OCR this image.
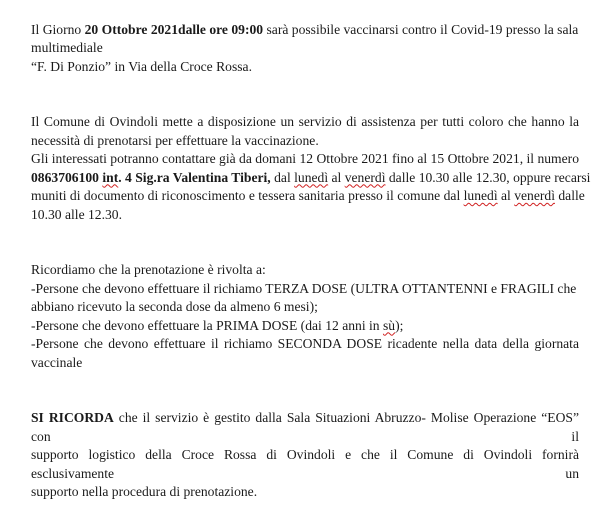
Il Giorno 20 Ottobre 2021dalle ore 09:00 sarà possibile vaccinarsi contro il Covid-19 presso la sala
multimediale
“F. Di Ponzio” in Via della Croce Rossa.

Il Comune di Ovindoli mette a disposizione un servizio di assistenza per tutti coloro che hanno la
necessità di prenotarsi per effettuare la vaccinazione.
Gli interessati potranno contattare già da domani 12 Ottobre 2021 fino al 15 Ottobre 2021, il numero
0863706100 int. 4 Sig.ra Valentina Tiberi, dal lunedì al venerdì dalle 10.30 alle 12.30, oppure recarsi
muniti di documento di riconoscimento e tessera sanitaria presso il comune dal lunedì al venerdì dalle
10.30 alle 12.30.

Ricordiamo che la prenotazione è rivolta a:
-Persone che devono effettuare il richiamo TERZA DOSE (ULTRA OTTANTENNI e FRAGILI che
abbiano ricevuto la seconda dose da almeno 6 mesi);
-Persone che devono effettuare la PRIMA DOSE (dai 12 anni in sù);
-Persone che devono effettuare il richiamo SECONDA DOSE ricadente nella data della giornata
vaccinale

SI RICORDA che il servizio è gestito dalla Sala Situazioni Abruzzo- Molise Operazione “EOS” con il
supporto logistico della Croce Rossa di Ovindoli e che il Comune di Ovindoli fornirà esclusivamente un
supporto nella procedura di prenotazione.
